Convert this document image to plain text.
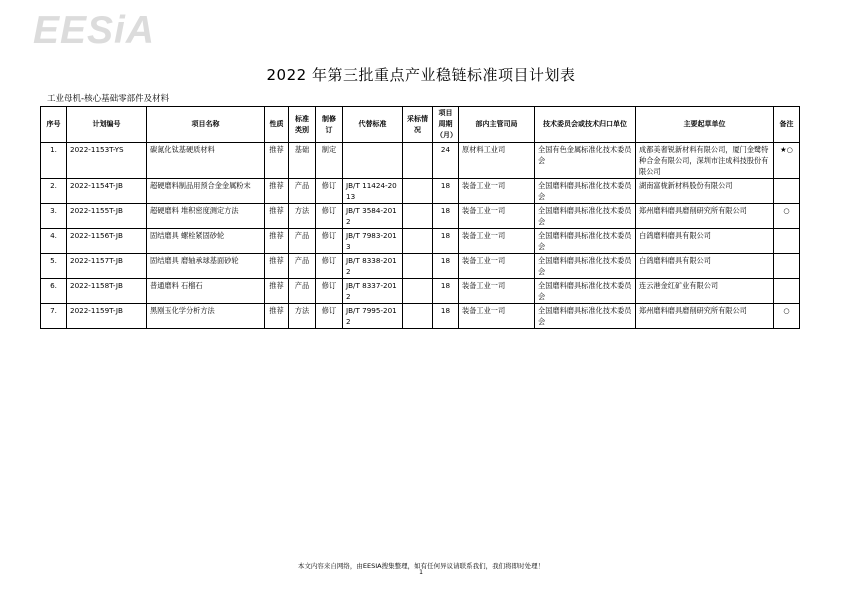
EESiA
2022 年第三批重点产业稳链标准项目计划表
工业母机-核心基础零部件及材料
序号	计划编号	项目名称	性质	标准类别	制修订	代替标准	采标情况	项目周期（月）	部内主管司局	技术委员会或技术归口单位	主要起草单位	备注
1.	2022-1153T-YS	碳氮化钛基硬质材料	推荐	基础	制定			24	原材料工业司	全国有色金属标准化技术委员会	成都美奢锐新材料有限公司，厦门金鹭特种合金有限公司，深圳市注成科技股份有限公司	★○
2.	2022-1154T-JB	超硬磨料制品用预合金金属粉末	推荐	产品	修订	JB/T 11424-2013		18	装备工业一司	全国磨料磨具标准化技术委员会	湖南富栊新材料股份有限公司	
3.	2022-1155T-JB	超硬磨料 堆积密度测定方法	推荐	方法	修订	JB/T 3584-2012		18	装备工业一司	全国磨料磨具标准化技术委员会	郑州磨料磨具磨削研究所有限公司	○
4.	2022-1156T-JB	固结磨具 螺栓紧固砂轮	推荐	产品	修订	JB/T 7983-2013		18	装备工业一司	全国磨料磨具标准化技术委员会	白鸽磨料磨具有限公司	
5.	2022-1157T-JB	固结磨具 磨轴承球基面砂轮	推荐	产品	修订	JB/T 8338-2012		18	装备工业一司	全国磨料磨具标准化技术委员会	白鸽磨料磨具有限公司	
6.	2022-1158T-JB	普通磨料 石榴石	推荐	产品	修订	JB/T 8337-2012		18	装备工业一司	全国磨料磨具标准化技术委员会	连云港金红矿业有限公司	
7.	2022-1159T-JB	黑刚玉化学分析方法	推荐	方法	修订	JB/T 7995-2012		18	装备工业一司	全国磨料磨具标准化技术委员会	郑州磨料磨具磨削研究所有限公司	○
本文内容来自网络，由EESIA搜集整理，如有任何异议请联系我们，我们将即时处理！
1
